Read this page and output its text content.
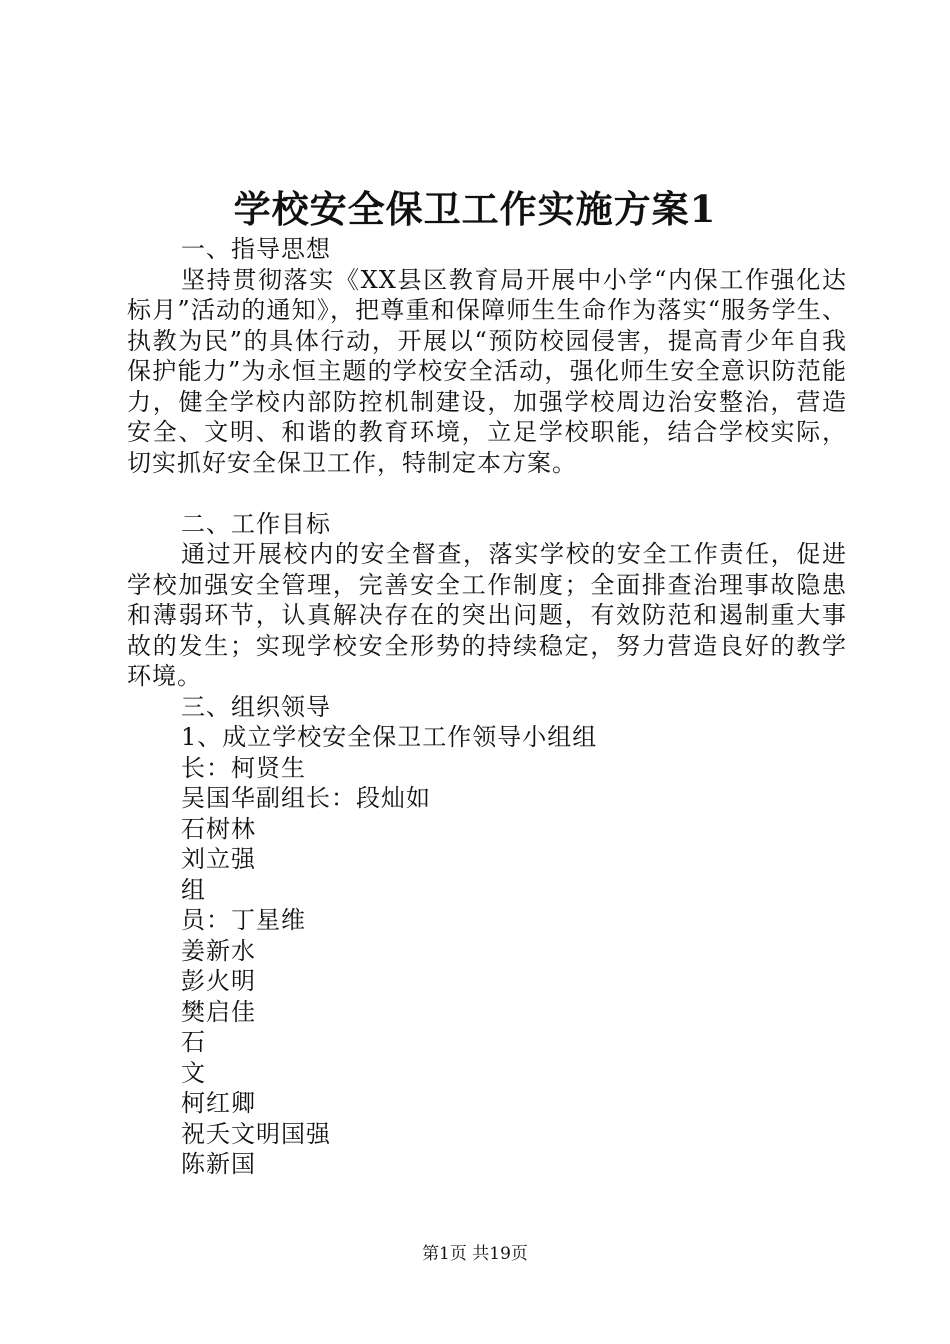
学校安全保卫工作实施方案1
一、指导思想
坚持贯彻落实《XX县区教育局开展中小学“内保工作强化达标月”活动的通知》，把尊重和保障师生生命作为落实“服务学生、执教为民”的具体行动，开展以“预防校园侵害，提高青少年自我保护能力”为永恒主题的学校安全活动，强化师生安全意识防范能力，健全学校内部防控机制建设，加强学校周边治安整治，营造安全、文明、和谐的教育环境，立足学校职能，结合学校实际，切实抓好安全保卫工作，特制定本方案。
二、工作目标
通过开展校内的安全督查，落实学校的安全工作责任，促进学校加强安全管理，完善安全工作制度；全面排查治理事故隐患和薄弱环节，认真解决存在的突出问题，有效防范和遏制重大事故的发生；实现学校安全形势的持续稳定，努力营造良好的教学环境。
三、组织领导
1、成立学校安全保卫工作领导小组组
长：柯贤生
吴国华副组长：段灿如
石树林
刘立强
组
员：丁星维
姜新水
彭火明
樊启佳
石
文
柯红卿
祝夭文明国强
陈新国
第1页 共19页
